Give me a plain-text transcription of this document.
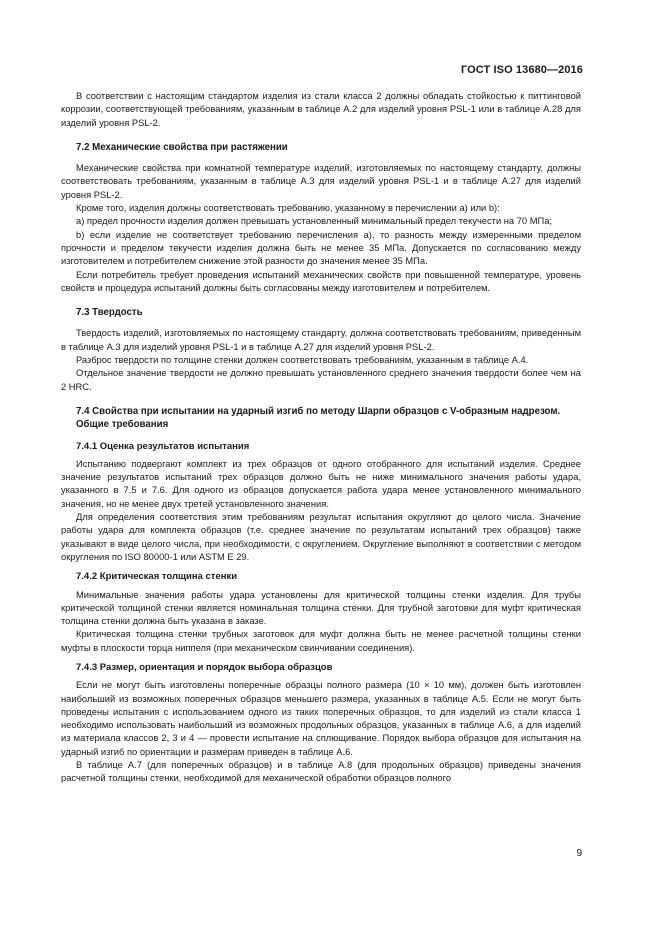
ГОСТ ISO 13680—2016
В соответствии с настоящим стандартом изделия из стали класса 2 должны обладать стойкостью к питтинговой коррозии, соответствующей требованиям, указанным в таблице А.2 для изделий уровня PSL-1 или в таблице А.28 для изделий уровня PSL-2.
7.2 Механические свойства при растяжении
Механические свойства при комнатной температуре изделий, изготовляемых по настоящему стандарту, должны соответствовать требованиям, указанным в таблице А.3 для изделий уровня PSL-1 и в таблице А.27 для изделий уровня PSL-2.
Кроме того, изделия должны соответствовать требованию, указанному в перечислении а) или b):
а) предел прочности изделия должен превышать установленный минимальный предел текучести на 70 МПа;
b) если изделие не соответствует требованию перечисления а), то разность между измеренными пределом прочности и пределом текучести изделия должна быть не менее 35 МПа. Допускается по согласованию между изготовителем и потребителем снижение этой разности до значения менее 35 МПа.
Если потребитель требует проведения испытаний механических свойств при повышенной температуре, уровень свойств и процедура испытаний должны быть согласованы между изготовителем и потребителем.
7.3 Твердость
Твердость изделий, изготовляемых по настоящему стандарту, должна соответствовать требованиям, приведенным в таблице А.3 для изделий уровня PSL-1 и в таблице А.27 для изделий уровня PSL-2.
Разброс твердости по толщине стенки должен соответствовать требованиям, указанным в таблице А.4.
Отдельное значение твердости не должно превышать установленного среднего значения твердости более чем на 2 HRC.
7.4 Свойства при испытании на ударный изгиб по методу Шарпи образцов с V-образным надрезом. Общие требования
7.4.1 Оценка результатов испытания
Испытанию подвергают комплект из трех образцов от одного отобранного для испытаний изделия. Среднее значение результатов испытаний трех образцов должно быть не ниже минимального значения работы удара, указанного в 7.5 и 7.6. Для одного из образцов допускается работа удара менее установленного минимального значения, но не менее двух третей установленного значения.
Для определения соответствия этим требованиям результат испытания округляют до целого числа. Значение работы удара для комплекта образцов (т.е. среднее значение по результатам испытаний трех образцов) также указывают в виде целого числа, при необходимости, с округлением. Округление выполняют в соответствии с методом округления по ISO 80000-1 или ASTM E 29.
7.4.2 Критическая толщина стенки
Минимальные значения работы удара установлены для критической толщины стенки изделия. Для трубы критической толщиной стенки является номинальная толщина стенки. Для трубной заготовки для муфт критическая толщина стенки должна быть указана в заказе.
Критическая толщина стенки трубных заготовок для муфт должна быть не менее расчетной толщины стенки муфты в плоскости торца ниппеля (при механическом свинчивании соединения).
7.4.3 Размер, ориентация и порядок выбора образцов
Если не могут быть изготовлены поперечные образцы полного размера (10 × 10 мм), должен быть изготовлен наибольший из возможных поперечных образцов меньшего размера, указанных в таблице А.5. Если не могут быть проведены испытания с использованием одного из таких поперечных образцов, то для изделий из стали класса 1 необходимо использовать наибольший из возможных продольных образцов, указанных в таблице А.6, а для изделий из материала классов 2, 3 и 4 — провести испытание на сплющивание. Порядок выбора образцов для испытания на ударный изгиб по ориентации и размерам приведен в таблице А.6.
В таблице А.7 (для поперечных образцов) и в таблице А.8 (для продольных образцов) приведены значения расчетной толщины стенки, необходимой для механической обработки образцов полного
9
